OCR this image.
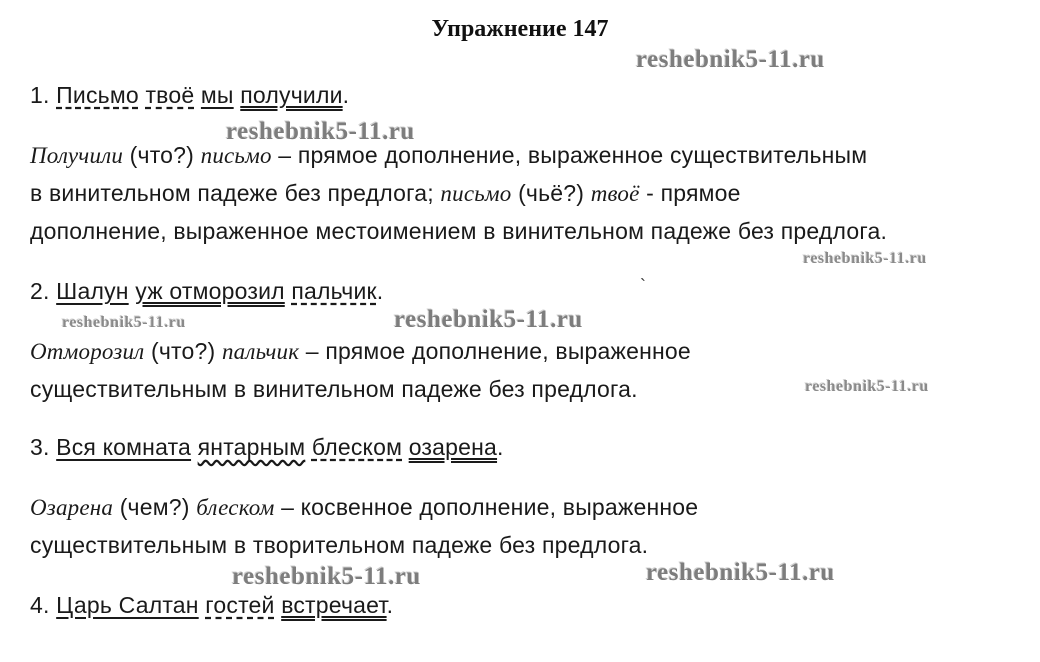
Упражнение 147
1. Письмо твоё мы получили.
Получили (что?) письмо – прямое дополнение, выраженное существительным
в винительном падеже без предлога; письмо (чьё?) твоё - прямое
дополнение, выраженное местоимением в винительном падеже без предлога.
2. Шалун уж отморозил пальчик.	`
Отморозил (что?) пальчик – прямое дополнение, выраженное
существительным в винительном падеже без предлога.
3. Вся комната янтарным блеском озарена.
Озарена (чем?) блеском – косвенное дополнение, выраженное
существительным в творительном падеже без предлога.
4. Царь Салтан гостей встречает.
reshebnik5-11.ru
reshebnik5-11.ru
reshebnik5-11.ru
reshebnik5-11.ru	reshebnik5-11.ru
reshebnik5-11.ru
reshebnik5-11.ru	reshebnik5-11.ru
